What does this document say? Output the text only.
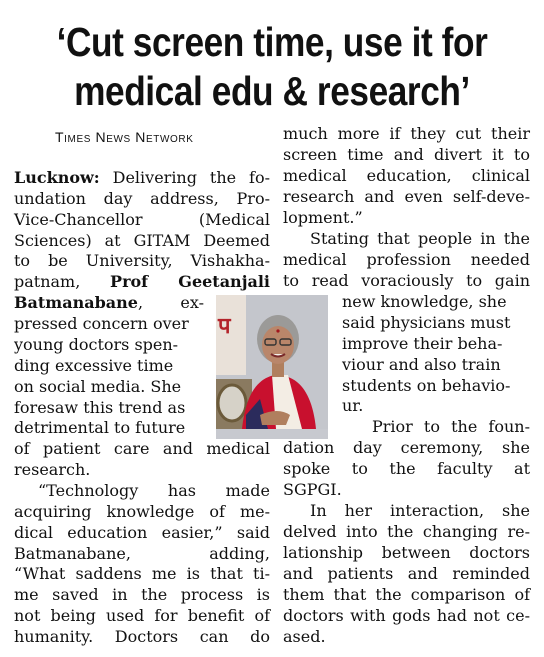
‘Cut screen time, use it for
medical edu & research’
Times News Network
Lucknow: Delivering the fo-
undation day address, Pro-
Vice-Chancellor (Medical
Sciences) at GITAM Deemed
to be University, Vishakha-
patnam, Prof Geetanjali
Batmanabane, ex-
pressed concern over
young doctors spen-
ding excessive time
on social media. She
foresaw this trend as
detrimental to future
of patient care and medical
research.
“Technology has made
acquiring knowledge of me-
dical education easier,” said
Batmanabane, adding,
“What saddens me is that ti-
me saved in the process is
not being used for benefit of
humanity. Doctors can do
प
much more if they cut their
screen time and divert it to
medical education, clinical
research and even self-deve-
lopment.”
Stating that people in the
medical profession needed
to read voraciously to gain
new knowledge, she
said physicians must
improve their beha-
viour and also train
students on behavio-
ur.
Prior to the foun-
dation day ceremony, she
spoke to the faculty at
SGPGI.
In her interaction, she
delved into the changing re-
lationship between doctors
and patients and reminded
them that the comparison of
doctors with gods had not ce-
ased.
